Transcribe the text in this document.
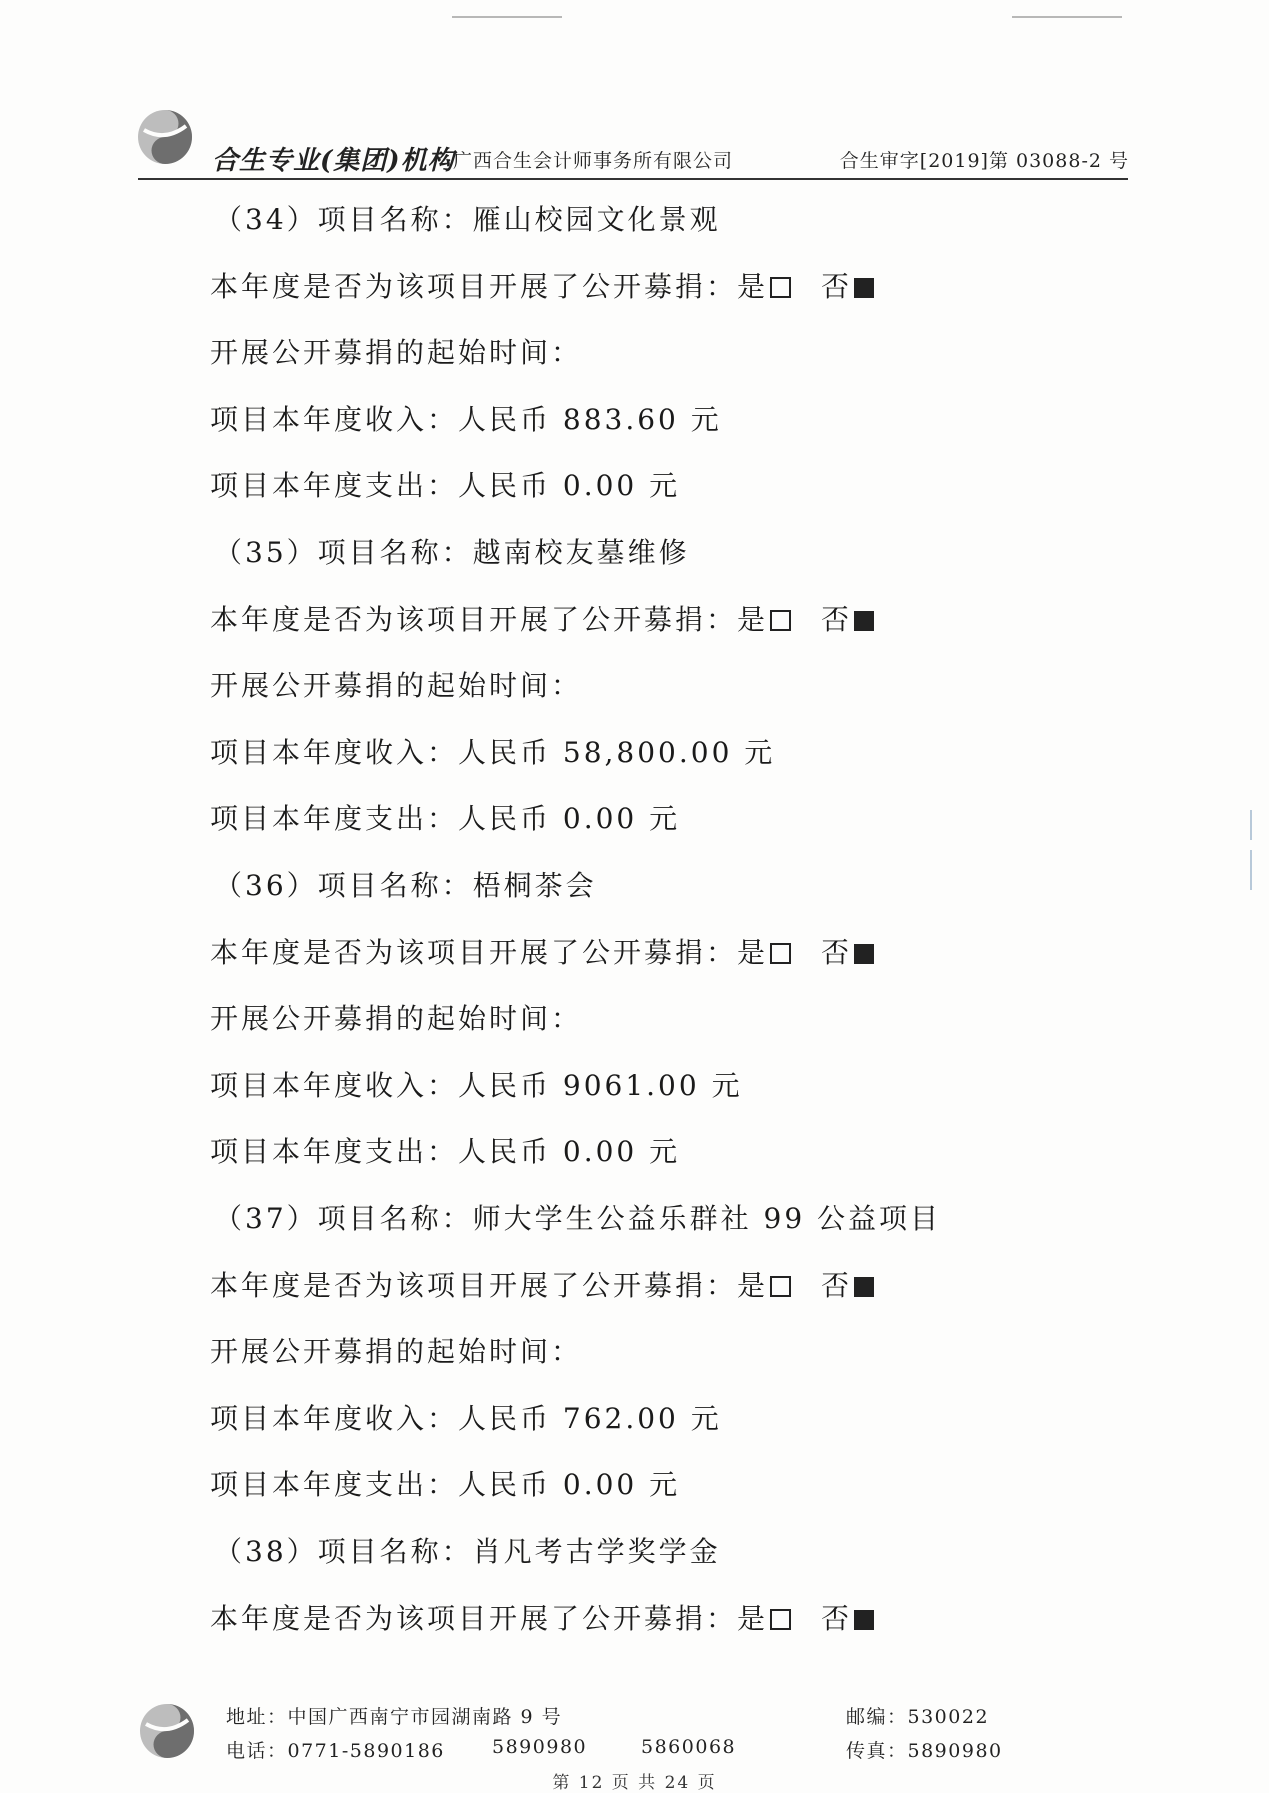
合生专业(集团)机构
·广西合生会计师事务所有限公司	合生审字[2019]第 03088-2 号
（34）项目名称：雁山校园文化景观
本年度是否为该项目开展了公开募捐：是 否
开展公开募捐的起始时间：
项目本年度收入：人民币 883.60 元
项目本年度支出：人民币 0.00 元
（35）项目名称：越南校友墓维修
本年度是否为该项目开展了公开募捐：是 否
开展公开募捐的起始时间：
项目本年度收入：人民币 58,800.00 元
项目本年度支出：人民币 0.00 元
（36）项目名称：梧桐茶会
本年度是否为该项目开展了公开募捐：是 否
开展公开募捐的起始时间：
项目本年度收入：人民币 9061.00 元
项目本年度支出：人民币 0.00 元
（37）项目名称：师大学生公益乐群社 99 公益项目
本年度是否为该项目开展了公开募捐：是 否
开展公开募捐的起始时间：
项目本年度收入：人民币 762.00 元
项目本年度支出：人民币 0.00 元
（38）项目名称：肖凡考古学奖学金
本年度是否为该项目开展了公开募捐：是 否
地址：中国广西南宁市园湖南路 9 号	邮编：530022
电话：0771-5890186 5890980	5860068	传真：5890980
第 12 页 共 24 页
